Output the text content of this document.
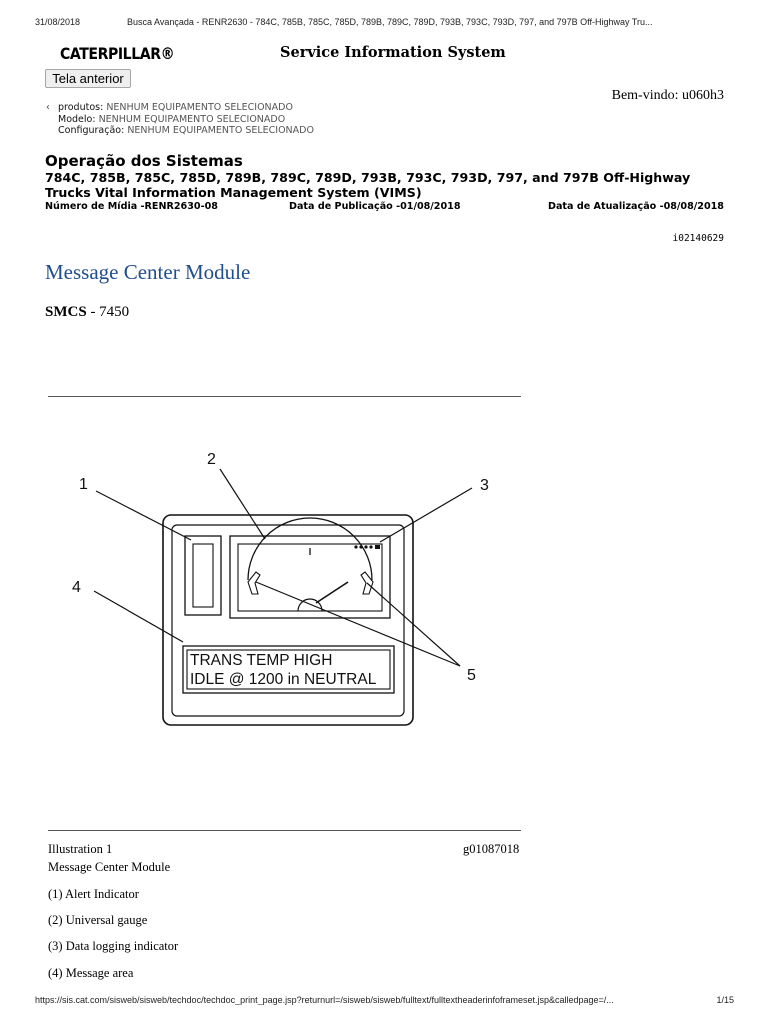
31/08/2018	Busca Avançada - RENR2630 - 784C, 785B, 785C, 785D, 789B, 789C, 789D, 793B, 793C, 793D, 797, and 797B Off-Highway Tru...
CATERPILLAR®	Service Information System
Tela anterior
Bem-vindo: u060h3
‹ produtos: NENHUM EQUIPAMENTO SELECIONADO
Modelo: NENHUM EQUIPAMENTO SELECIONADO
Configuração: NENHUM EQUIPAMENTO SELECIONADO
Operação dos Sistemas
784C, 785B, 785C, 785D, 789B, 789C, 789D, 793B, 793C, 793D, 797, and 797B Off-Highway
Trucks Vital Information Management System (VIMS)
Número de Mídia -RENR2630-08	Data de Publicação -01/08/2018	Data de Atualização -08/08/2018
i02140629
Message Center Module
SMCS - 7450
TRANS TEMP HIGH
IDLE @ 1200 in NEUTRAL
1
2
3
4
5
Illustration 1	g01087018
Message Center Module
(1) Alert Indicator
(2) Universal gauge
(3) Data logging indicator
(4) Message area
https://sis.cat.com/sisweb/sisweb/techdoc/techdoc_print_page.jsp?returnurl=/sisweb/sisweb/fulltext/fulltextheaderinfoframeset.jsp&calledpage=/...	1/15
